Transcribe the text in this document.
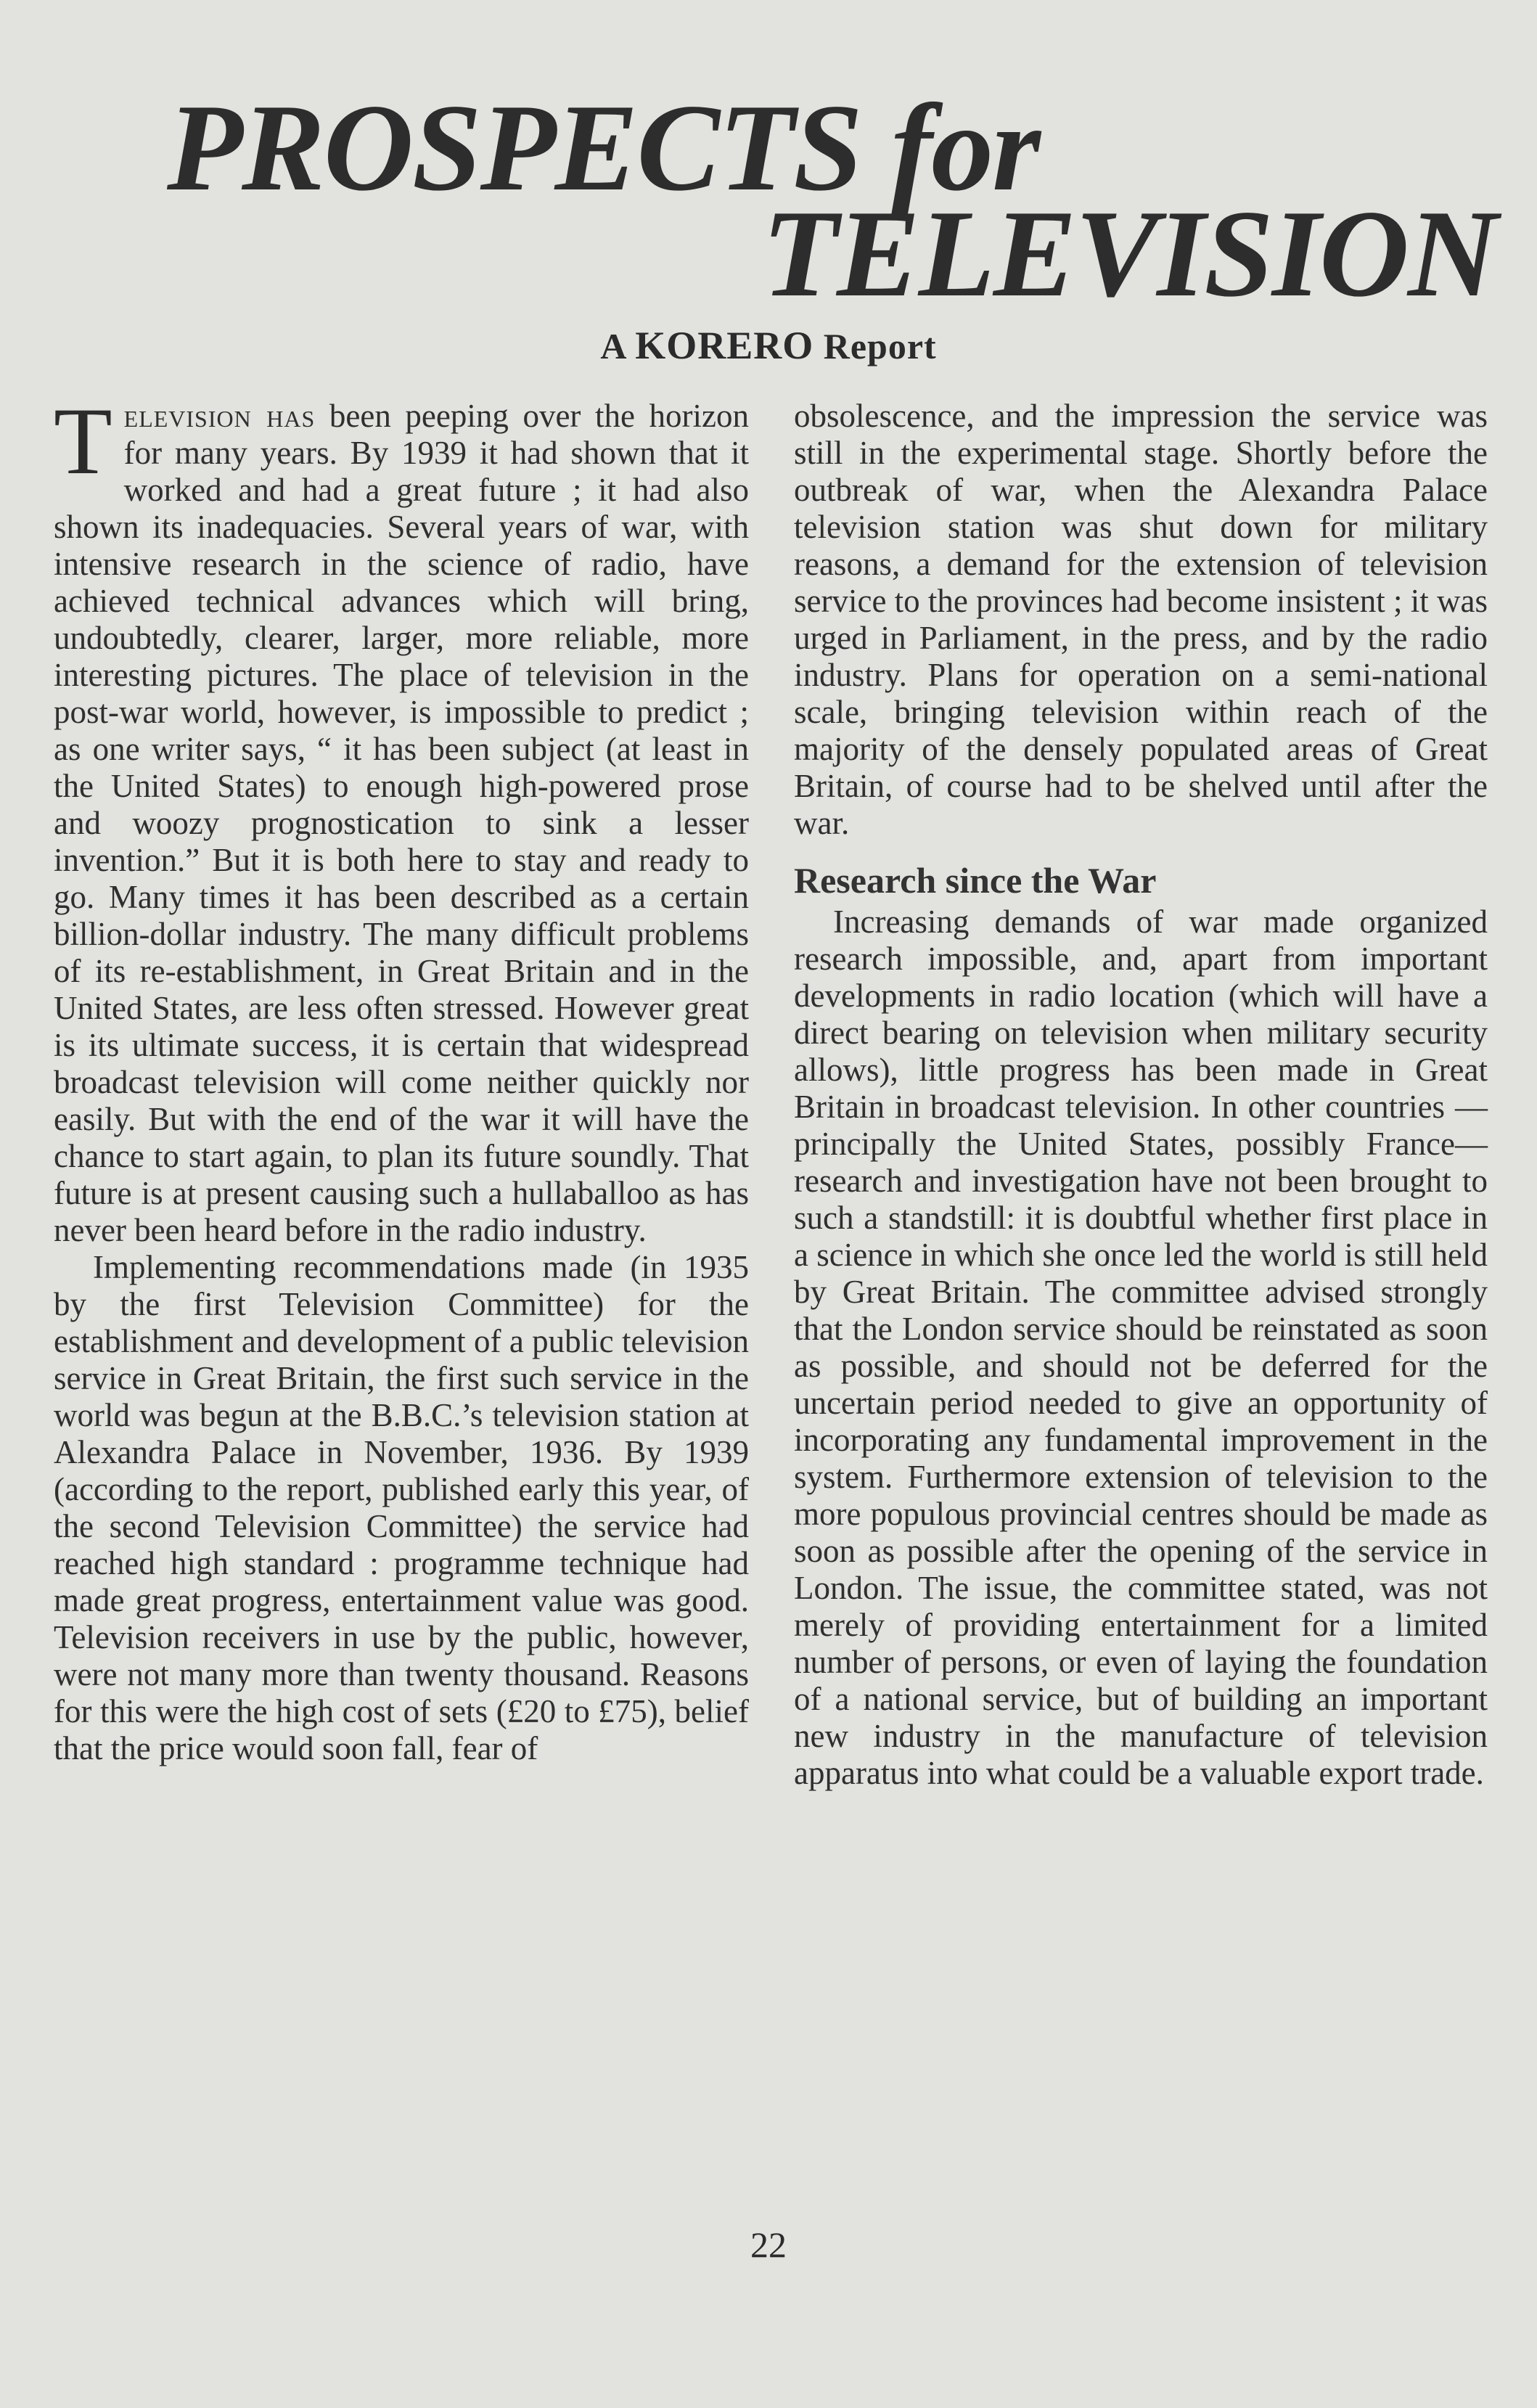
PROSPECTS for
TELEVISION
A KORERO Report

Television has been peeping over the horizon for many years. By 1939 it had shown that it worked and had a great future ; it had also shown its inadequacies. Several years of war, with intensive research in the science of radio, have achieved technical advances which will bring, undoubtedly, clearer, larger, more reliable, more interesting pictures. The place of television in the post-war world, however, is impossible to predict ; as one writer says, “ it has been subject (at least in the United States) to enough high-powered prose and woozy prognostication to sink a lesser invention.” But it is both here to stay and ready to go. Many times it has been described as a certain billion-dollar industry. The many difficult problems of its re-establishment, in Great Britain and in the United States, are less often stressed. However great is its ultimate success, it is certain that widespread broadcast television will come neither quickly nor easily. But with the end of the war it will have the chance to start again, to plan its future soundly. That future is at present causing such a hullaballoo as has never been heard before in the radio industry.

Implementing recommendations made (in 1935 by the first Television Committee) for the establishment and development of a public television service in Great Britain, the first such service in the world was begun at the B.B.C.’s television station at Alexandra Palace in November, 1936. By 1939 (according to the report, published early this year, of the second Television Committee) the service had reached high standard : programme technique had made great progress, entertainment value was good. Television receivers in use by the public, however, were not many more than twenty thousand. Reasons for this were the high cost of sets (£20 to £75), belief that the price would soon fall, fear of

obsolescence, and the impression the service was still in the experimental stage. Shortly before the outbreak of war, when the Alexandra Palace television station was shut down for military reasons, a demand for the extension of television service to the provinces had become insistent ; it was urged in Parliament, in the press, and by the radio industry. Plans for operation on a semi-national scale, bringing television within reach of the majority of the densely populated areas of Great Britain, of course had to be shelved until after the war.

Research since the War

Increasing demands of war made organized research impossible, and, apart from important developments in radio location (which will have a direct bearing on television when military security allows), little progress has been made in Great Britain in broadcast television. In other countries — principally the United States, possibly France—research and investigation have not been brought to such a standstill: it is doubtful whether first place in a science in which she once led the world is still held by Great Britain. The committee advised strongly that the London service should be reinstated as soon as possible, and should not be deferred for the uncertain period needed to give an opportunity of incorporating any fundamental improvement in the system. Furthermore extension of television to the more populous provincial centres should be made as soon as possible after the opening of the service in London. The issue, the committee stated, was not merely of providing entertainment for a limited number of persons, or even of laying the foundation of a national service, but of building an important new industry in the manufacture of television apparatus into what could be a valuable export trade.

22
